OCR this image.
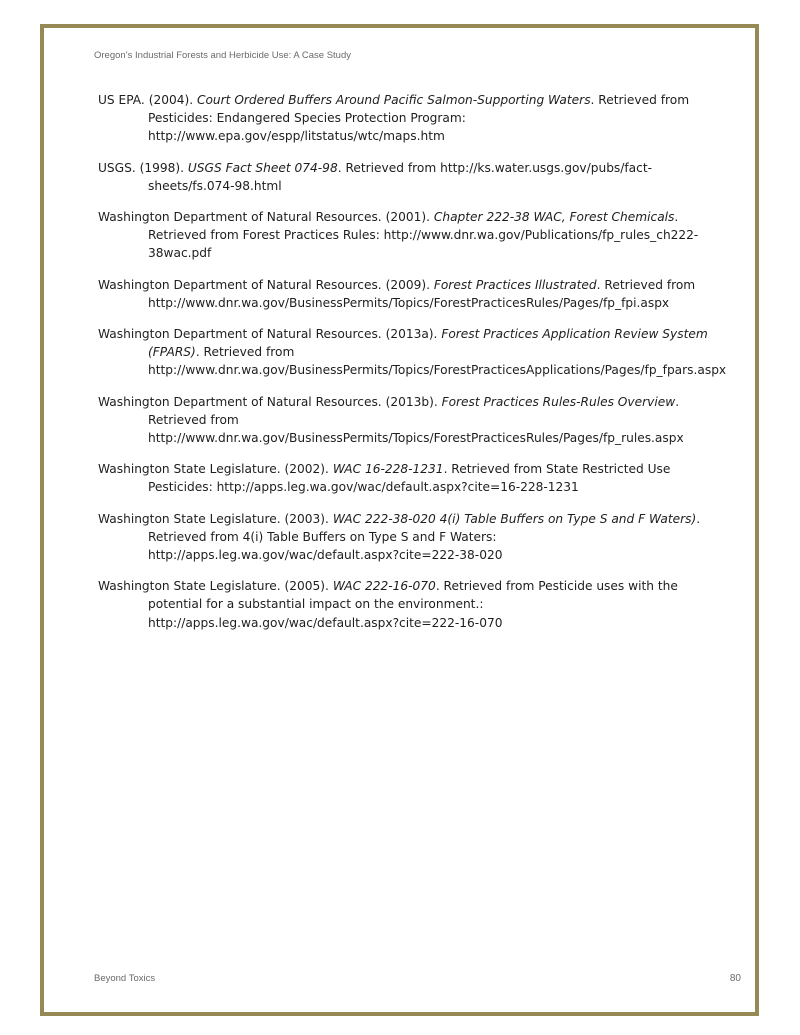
Oregon’s Industrial Forests and Herbicide Use: A Case Study

US EPA. (2004). Court Ordered Buffers Around Pacific Salmon-Supporting Waters. Retrieved from Pesticides: Endangered Species Protection Program: http://www.epa.gov/espp/litstatus/wtc/maps.htm

USGS. (1998). USGS Fact Sheet 074-98. Retrieved from http://ks.water.usgs.gov/pubs/fact-sheets/fs.074-98.html

Washington Department of Natural Resources. (2001). Chapter 222-38 WAC, Forest Chemicals. Retrieved from Forest Practices Rules: http://www.dnr.wa.gov/Publications/fp_rules_ch222-38wac.pdf

Washington Department of Natural Resources. (2009). Forest Practices Illustrated. Retrieved from http://www.dnr.wa.gov/BusinessPermits/Topics/ForestPracticesRules/Pages/fp_fpi.aspx

Washington Department of Natural Resources. (2013a). Forest Practices Application Review System (FPARS). Retrieved from http://www.dnr.wa.gov/BusinessPermits/Topics/ForestPracticesApplications/Pages/fp_fpars.aspx

Washington Department of Natural Resources. (2013b). Forest Practices Rules-Rules Overview. Retrieved from http://www.dnr.wa.gov/BusinessPermits/Topics/ForestPracticesRules/Pages/fp_rules.aspx

Washington State Legislature. (2002). WAC 16-228-1231. Retrieved from State Restricted Use Pesticides: http://apps.leg.wa.gov/wac/default.aspx?cite=16-228-1231

Washington State Legislature. (2003). WAC 222-38-020 4(i) Table Buffers on Type S and F Waters). Retrieved from 4(i) Table Buffers on Type S and F Waters: http://apps.leg.wa.gov/wac/default.aspx?cite=222-38-020

Washington State Legislature. (2005). WAC 222-16-070. Retrieved from Pesticide uses with the potential for a substantial impact on the environment.: http://apps.leg.wa.gov/wac/default.aspx?cite=222-16-070

Beyond Toxics	80
